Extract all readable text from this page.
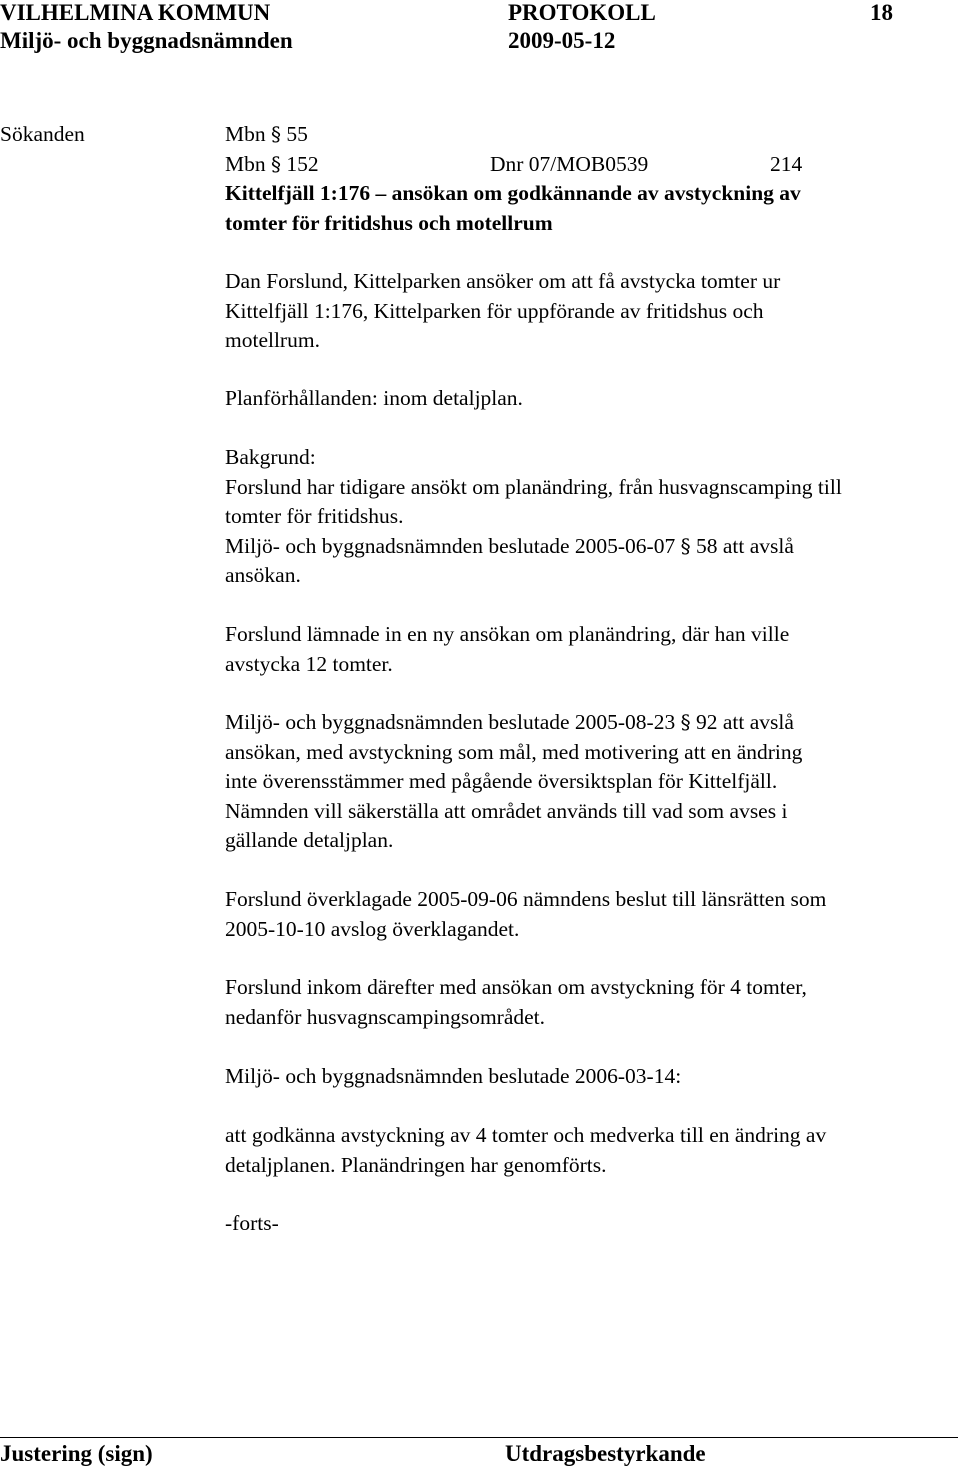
VILHELMINA KOMMUN	PROTOKOLL	18
Miljö- och byggnadsnämnden	2009-05-12
Sökanden	Mbn § 55
Mbn § 152	Dnr 07/MOB0539	214
Kittelfjäll 1:176 – ansökan om godkännande av avstyckning av
tomter för fritidshus och motellrum
Dan Forslund, Kittelparken ansöker om att få avstycka tomter ur
Kittelfjäll 1:176, Kittelparken för uppförande av fritidshus och
motellrum.
Planförhållanden: inom detaljplan.
Bakgrund:
Forslund har tidigare ansökt om planändring, från husvagnscamping till
tomter för fritidshus.
Miljö- och byggnadsnämnden beslutade 2005-06-07 § 58 att avslå
ansökan.
Forslund lämnade in en ny ansökan om planändring, där han ville
avstycka 12 tomter.
Miljö- och byggnadsnämnden beslutade 2005-08-23 § 92 att avslå
ansökan, med avstyckning som mål, med motivering att en ändring
inte överensstämmer med pågående översiktsplan för Kittelfjäll.
Nämnden vill säkerställa att området används till vad som avses i
gällande detaljplan.
Forslund överklagade 2005-09-06 nämndens beslut till länsrätten som
2005-10-10 avslog överklagandet.
Forslund inkom därefter med ansökan om avstyckning för 4 tomter,
nedanför husvagnscampingsområdet.
Miljö- och byggnadsnämnden beslutade 2006-03-14:
att godkänna avstyckning av 4 tomter och medverka till en ändring av
detaljplanen. Planändringen har genomförts.
-forts-
Justering (sign)	Utdragsbestyrkande
